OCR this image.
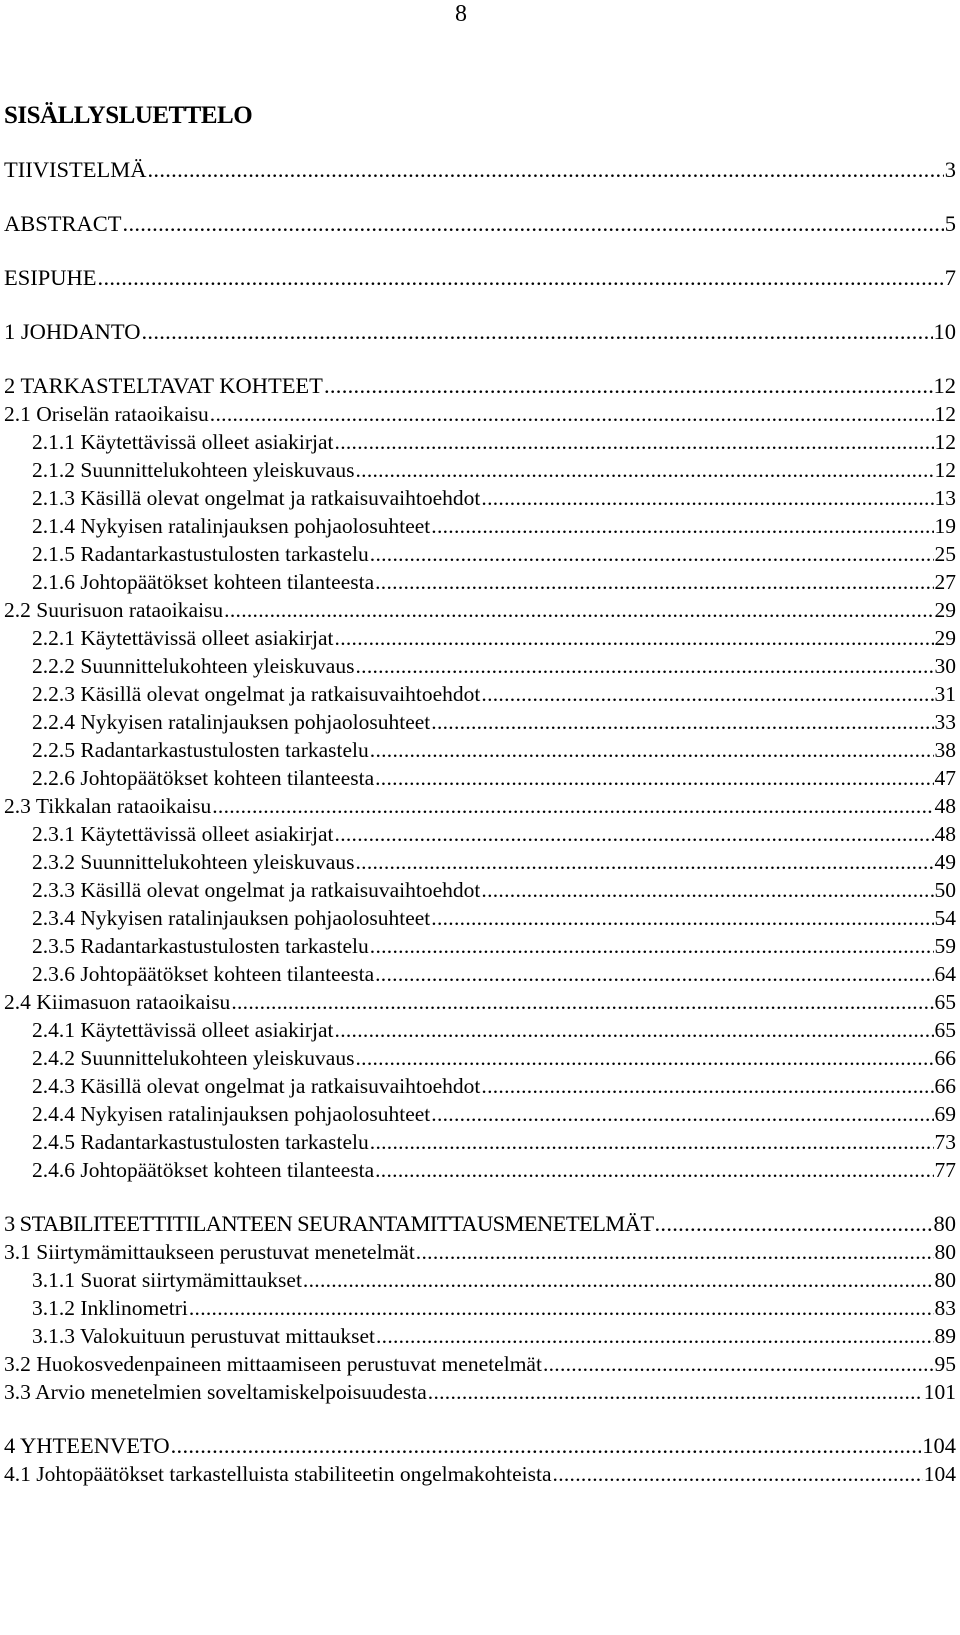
8
SISÄLLYSLUETTELO
TIIVISTELMÄ .....	3
ABSTRACT .....	5
ESIPUHE .....	7
1 JOHDANTO .....	10
2 TARKASTELTAVAT KOHTEET .....	12
2.1 Oriselän rataoikaisu .....	12
2.1.1 Käytettävissä olleet asiakirjat .....	12
2.1.2 Suunnittelukohteen yleiskuvaus .....	12
2.1.3 Käsillä olevat ongelmat ja ratkaisuvaihtoehdot .....	13
2.1.4 Nykyisen ratalinjauksen pohjaolosuhteet .....	19
2.1.5 Radantarkastustulosten tarkastelu .....	25
2.1.6 Johtopäätökset kohteen tilanteesta .....	27
2.2 Suurisuon rataoikaisu .....	29
2.2.1 Käytettävissä olleet asiakirjat .....	29
2.2.2 Suunnittelukohteen yleiskuvaus .....	30
2.2.3 Käsillä olevat ongelmat ja ratkaisuvaihtoehdot .....	31
2.2.4 Nykyisen ratalinjauksen pohjaolosuhteet .....	33
2.2.5 Radantarkastustulosten tarkastelu .....	38
2.2.6 Johtopäätökset kohteen tilanteesta .....	47
2.3 Tikkalan rataoikaisu .....	48
2.3.1 Käytettävissä olleet asiakirjat .....	48
2.3.2 Suunnittelukohteen yleiskuvaus .....	49
2.3.3 Käsillä olevat ongelmat ja ratkaisuvaihtoehdot .....	50
2.3.4 Nykyisen ratalinjauksen pohjaolosuhteet .....	54
2.3.5 Radantarkastustulosten tarkastelu .....	59
2.3.6 Johtopäätökset kohteen tilanteesta .....	64
2.4 Kiimasuon rataoikaisu .....	65
2.4.1 Käytettävissä olleet asiakirjat .....	65
2.4.2 Suunnittelukohteen yleiskuvaus .....	66
2.4.3 Käsillä olevat ongelmat ja ratkaisuvaihtoehdot .....	66
2.4.4 Nykyisen ratalinjauksen pohjaolosuhteet .....	69
2.4.5 Radantarkastustulosten tarkastelu .....	73
2.4.6 Johtopäätökset kohteen tilanteesta .....	77
3 STABILITEETTITILANTEEN SEURANTAMITTAUSMENETELMÄT .....	80
3.1 Siirtymämittaukseen perustuvat menetelmät .....	80
3.1.1 Suorat siirtymämittaukset .....	80
3.1.2 Inklinometri .....	83
3.1.3 Valokuituun perustuvat mittaukset .....	89
3.2 Huokosvedenpaineen mittaamiseen perustuvat menetelmät .....	95
3.3 Arvio menetelmien soveltamiskelpoisuudesta .....	101
4 YHTEENVETO .....	104
4.1 Johtopäätökset tarkastelluista stabiliteetin ongelmakohteista .....	104
